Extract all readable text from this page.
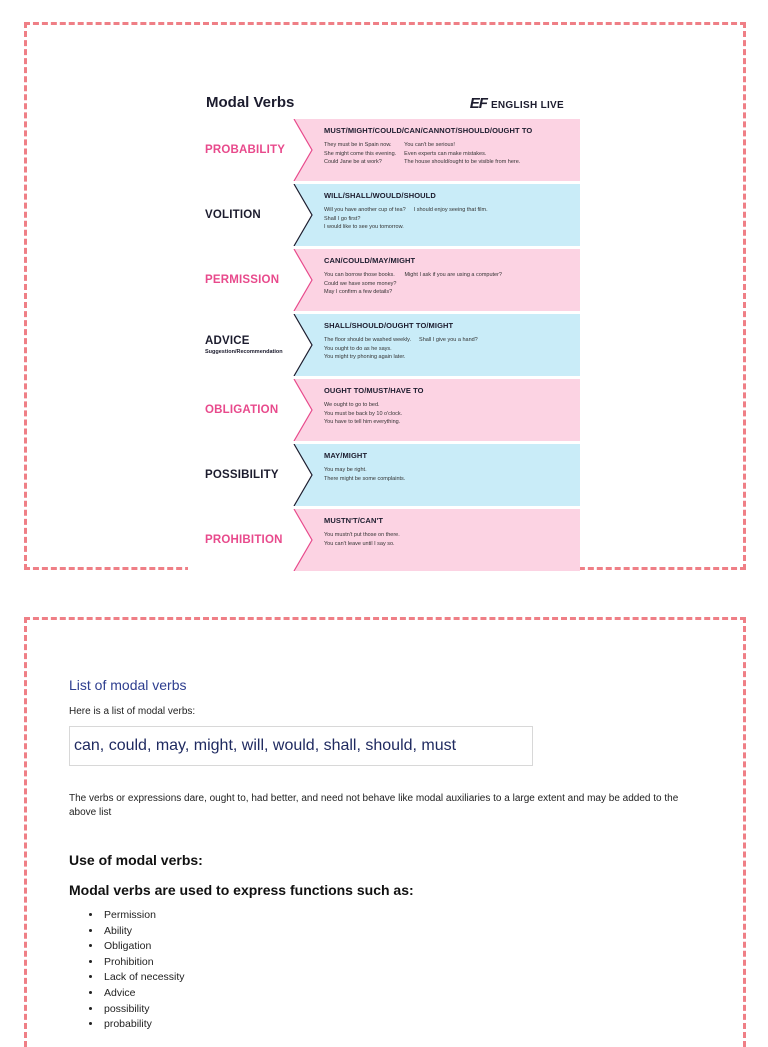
Modal Verbs	EF ENGLISH LIVE
PROBABILITY
MUST/MIGHT/COULD/CAN/CANNOT/SHOULD/OUGHT TO
They must be in Spain now.
She might come this evening.
Could Jane be at work?
You can't be serious!
Even experts can make mistakes.
The house should/ought to be visible from here.
VOLITION
WILL/SHALL/WOULD/SHOULD
Will you have another cup of tea?
Shall I go first?
I would like to see you tomorrow.
I should enjoy seeing that film.
PERMISSION
CAN/COULD/MAY/MIGHT
You can borrow those books.
Could we have some money?
May I confirm a few details?
Might I ask if you are using a computer?
ADVICE
Suggestion/Recommendation
SHALL/SHOULD/OUGHT TO/MIGHT
The floor should be washed weekly.
You ought to do as he says.
You might try phoning again later.
Shall I give you a hand?
OBLIGATION
OUGHT TO/MUST/HAVE TO
We ought to go to bed.
You must be back by 10 o'clock.
You have to tell him everything.
POSSIBILITY
MAY/MIGHT
You may be right.
There might be some complaints.
PROHIBITION
MUSTN'T/CAN'T
You mustn't put those on there.
You can't leave until I say so.
List of modal verbs
Here is a list of modal verbs:
can, could, may, might, will, would, shall, should, must
The verbs or expressions dare, ought to, had better, and need not behave like modal auxiliaries to a large extent and may be added to the above list
Use of modal verbs:
Modal verbs are used to express functions such as:
• Permission
• Ability
• Obligation
• Prohibition
• Lack of necessity
• Advice
• possibility
• probability
